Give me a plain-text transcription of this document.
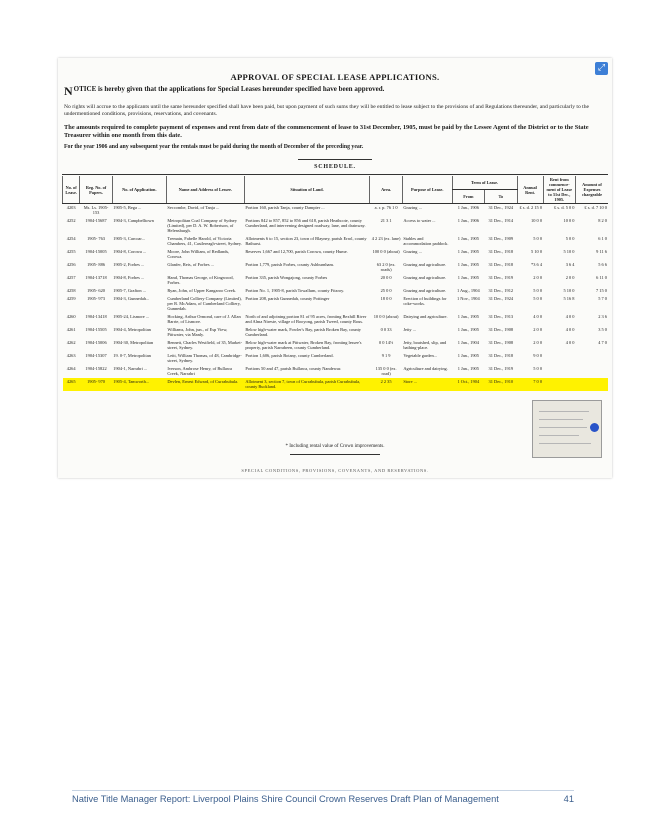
⤢
APPROVAL OF SPECIAL LEASE APPLICATIONS.
NOTICE is hereby given that the applications for Special Leases hereunder specified have been approved.
No rights will accrue to the applicants until the same hereunder specified shall have been paid, but upon payment of such sums they will be entitled to lease subject to the provisions of and Regulations thereunder, and particularly to the undermentioned conditions, provisions, reservations, and covenants.
The amounts required to complete payment of expenses and rent from date of the commencement of lease to 31st December, 1905, must be paid by the Lessee Agent of the District or to the State Treasurer within one month from this date.
For the year 1906 and any subsequent year the rentals must be paid during the month of December of the preceding year.
SCHEDULE.
No. of Lease.	Reg. No. of Papers.	No. of Application.	Name and Address of Lessee.	Situation of Land.	Area.	Purpose of Lease.	Term of Lease.		Annual Rent.	Rent from commence-ment of Lease to 31st Dec., 1905.	Amount of Expenses chargeable
							From	To			
4203	Ms. Ls. 1905- 153	1905-5, Bega ...	Seccombe, David, of Tanja ...	Portion 160, parish Tanja, county Dampier ...	a. r. p. 76 1 0	Grazing ...	1 Jan., 1906	31 Dec., 1924	£ s. d. 2 15 0	£ s. d. 5 0 0	£ s. d. 7 10 0
4252	1904-15687	1904-3, Campbelltown	Metropolitan Coal Company of Sydney (Limited), per D. A. W. Robertson, of Helensburgh.	Portions 842 to 857, 852 to 856 and 618, parish Heathcote, county Cumberland, and intervening designed roadway, lane, and drainway.	21 3 1	Access to water ...	1 Jan., 1906	31 Dec., 1914	10 0 0	10 0 0	8 2 0
4254	1905- 763	1905-3, Carcoar...	Tremain, Fabelle Harold, of Victoria Chambers, 41, Castlereagh-street, Sydney.	Allotments 6 to 15, section 23, town of Blayney, parish Errol, county Bathurst.	4 2 23 (ex. lane)	Stables and accommodation paddock.	1 Jan., 1905	31 Dec., 1909	5 0 0	5 0 0	6 1 0
4255	1904-15005	1904-8, Corowa ...	Moore, John William, of Redlands, Corowa.	Reserves 1,667 and 12,700, parish Corowa, county Hume.	100 0 0 (about)	Grazing ...	1 Jan., 1905	31 Dec., 1918	5 10 0	5 10 0	9 11 6
4256	1905- 886	1905-2, Forbes ...	Glanfer, Reis, of Forbes ...	Portion 1,779, parish Forbes, county Ashburnham.	63 2 0 (ex. roads)	Grazing and agriculture.	1 Jan., 1905	31 Dec., 1918	*3 6 4	3 6 4	5 6 6
4257	1904-13718	1904-8, Forbes ...	Hand, Thomas George, of Kingwood, Forbes.	Portion 335, parish Wongajong, county Forbes	20 0 0	Grazing and agriculture.	1 Jan., 1905	31 Dec., 1919	2 0 0	2 0 0	6 11 0
4258	1905- 620	1905-7, Grafton ...	Ryan, John, of Upper Kangaroo Creek.	Portion No. 1, 1905-8, parish Towallum, county Fitzroy.	25 0 0	Grazing and agriculture.	1 Aug., 1904	31 Dec., 1912	5 0 0	5 10 0	7 15 0
4259	1905- 973	1904-3, Gunnedah...	Cumberland Colliery Company (Limited), per R. McAdam, of Cumberland Colliery, Gunnedah.	Portion 208, parish Gunnedah, county Pottinger	18 0 0	Erection of buildings for coke-works.	1 Nov., 1904	31 Dec., 1924	5 0 0	5 16 8	5 7 0
4260	1904-13418	1905-24, Lismore ...	Hocking, Arthur Ormond, care of J. Allan Barrie, of Lismore.	North of and adjoining portion 81 of 95 acres, fronting Bexhill River and Alma Nireste, village of Booyong, parish Tweed, county Rous.	10 0 0 (about)	Dairying and agriculture.	1 Jan., 1905	31 Dec., 1913	4 0 0	4 0 0	2 3 6
4261	1904-15505	1904-4, Metropolitan	Williams, John, jun., of Esp View, Pittwater, via Manly.	Below high-water mark, Fowler's Bay, parish Broken Bay, county Cumberland.	0 0 33	Jetty ...	1 Jan., 1905	31 Dec., 1908	2 0 0	4 0 0	3 5 0
4262	1904-15006	1904-30, Metropolitan	Bennett, Charles Westfield, of 35, Market-street, Sydney.	Below high-water mark at Pittwater, Broken Bay, fronting lessee's property, parish Narrabeen, county Cumberland.	0 0 14½	Jetty, boatshed, slip, and bathing-place.	1 Jan., 1904	31 Dec., 1908	2 0 0	4 0 0	4 7 0
4263	1904-15307	19. 0-7, Metropolitan	Leitt, William Thomas, of 48, Cambridge-street, Sydney.	Portion 1,606, parish Botany, county Cumberland.	9 1 9	Vegetable garden...	1 Jan., 1905	31 Dec., 1918	9 0 0		
4264	1904-15822	1904-1, Narrabri ...	Iverson, Ambrose Henry, of Bullawa Creek, Narrabri	Portions 50 and 47, parish Bullawa, county Nandewar.	135 0 0 (ex. road)	Agriculture and dairying.	1 Jan., 1905	31 Dec., 1919	5 0 0		
4265	1905- 970	1905-4, Tamworth...	Devlen, Ernest Edward, of Currabubula.	Allotment 3, section 7, town of Currabubula, parish Currabubula, county Buckland.	2 2 35	Store ...	1 Oct., 1904	31 Dec., 1910	7 0 0		
* Including rental value of Crown improvements.
SPECIAL CONDITIONS, PROVISIONS, COVENANTS, AND RESERVATIONS.
Native Title Manager Report: Liverpool Plains Shire Council Crown Reserves Draft Plan of Management	41
